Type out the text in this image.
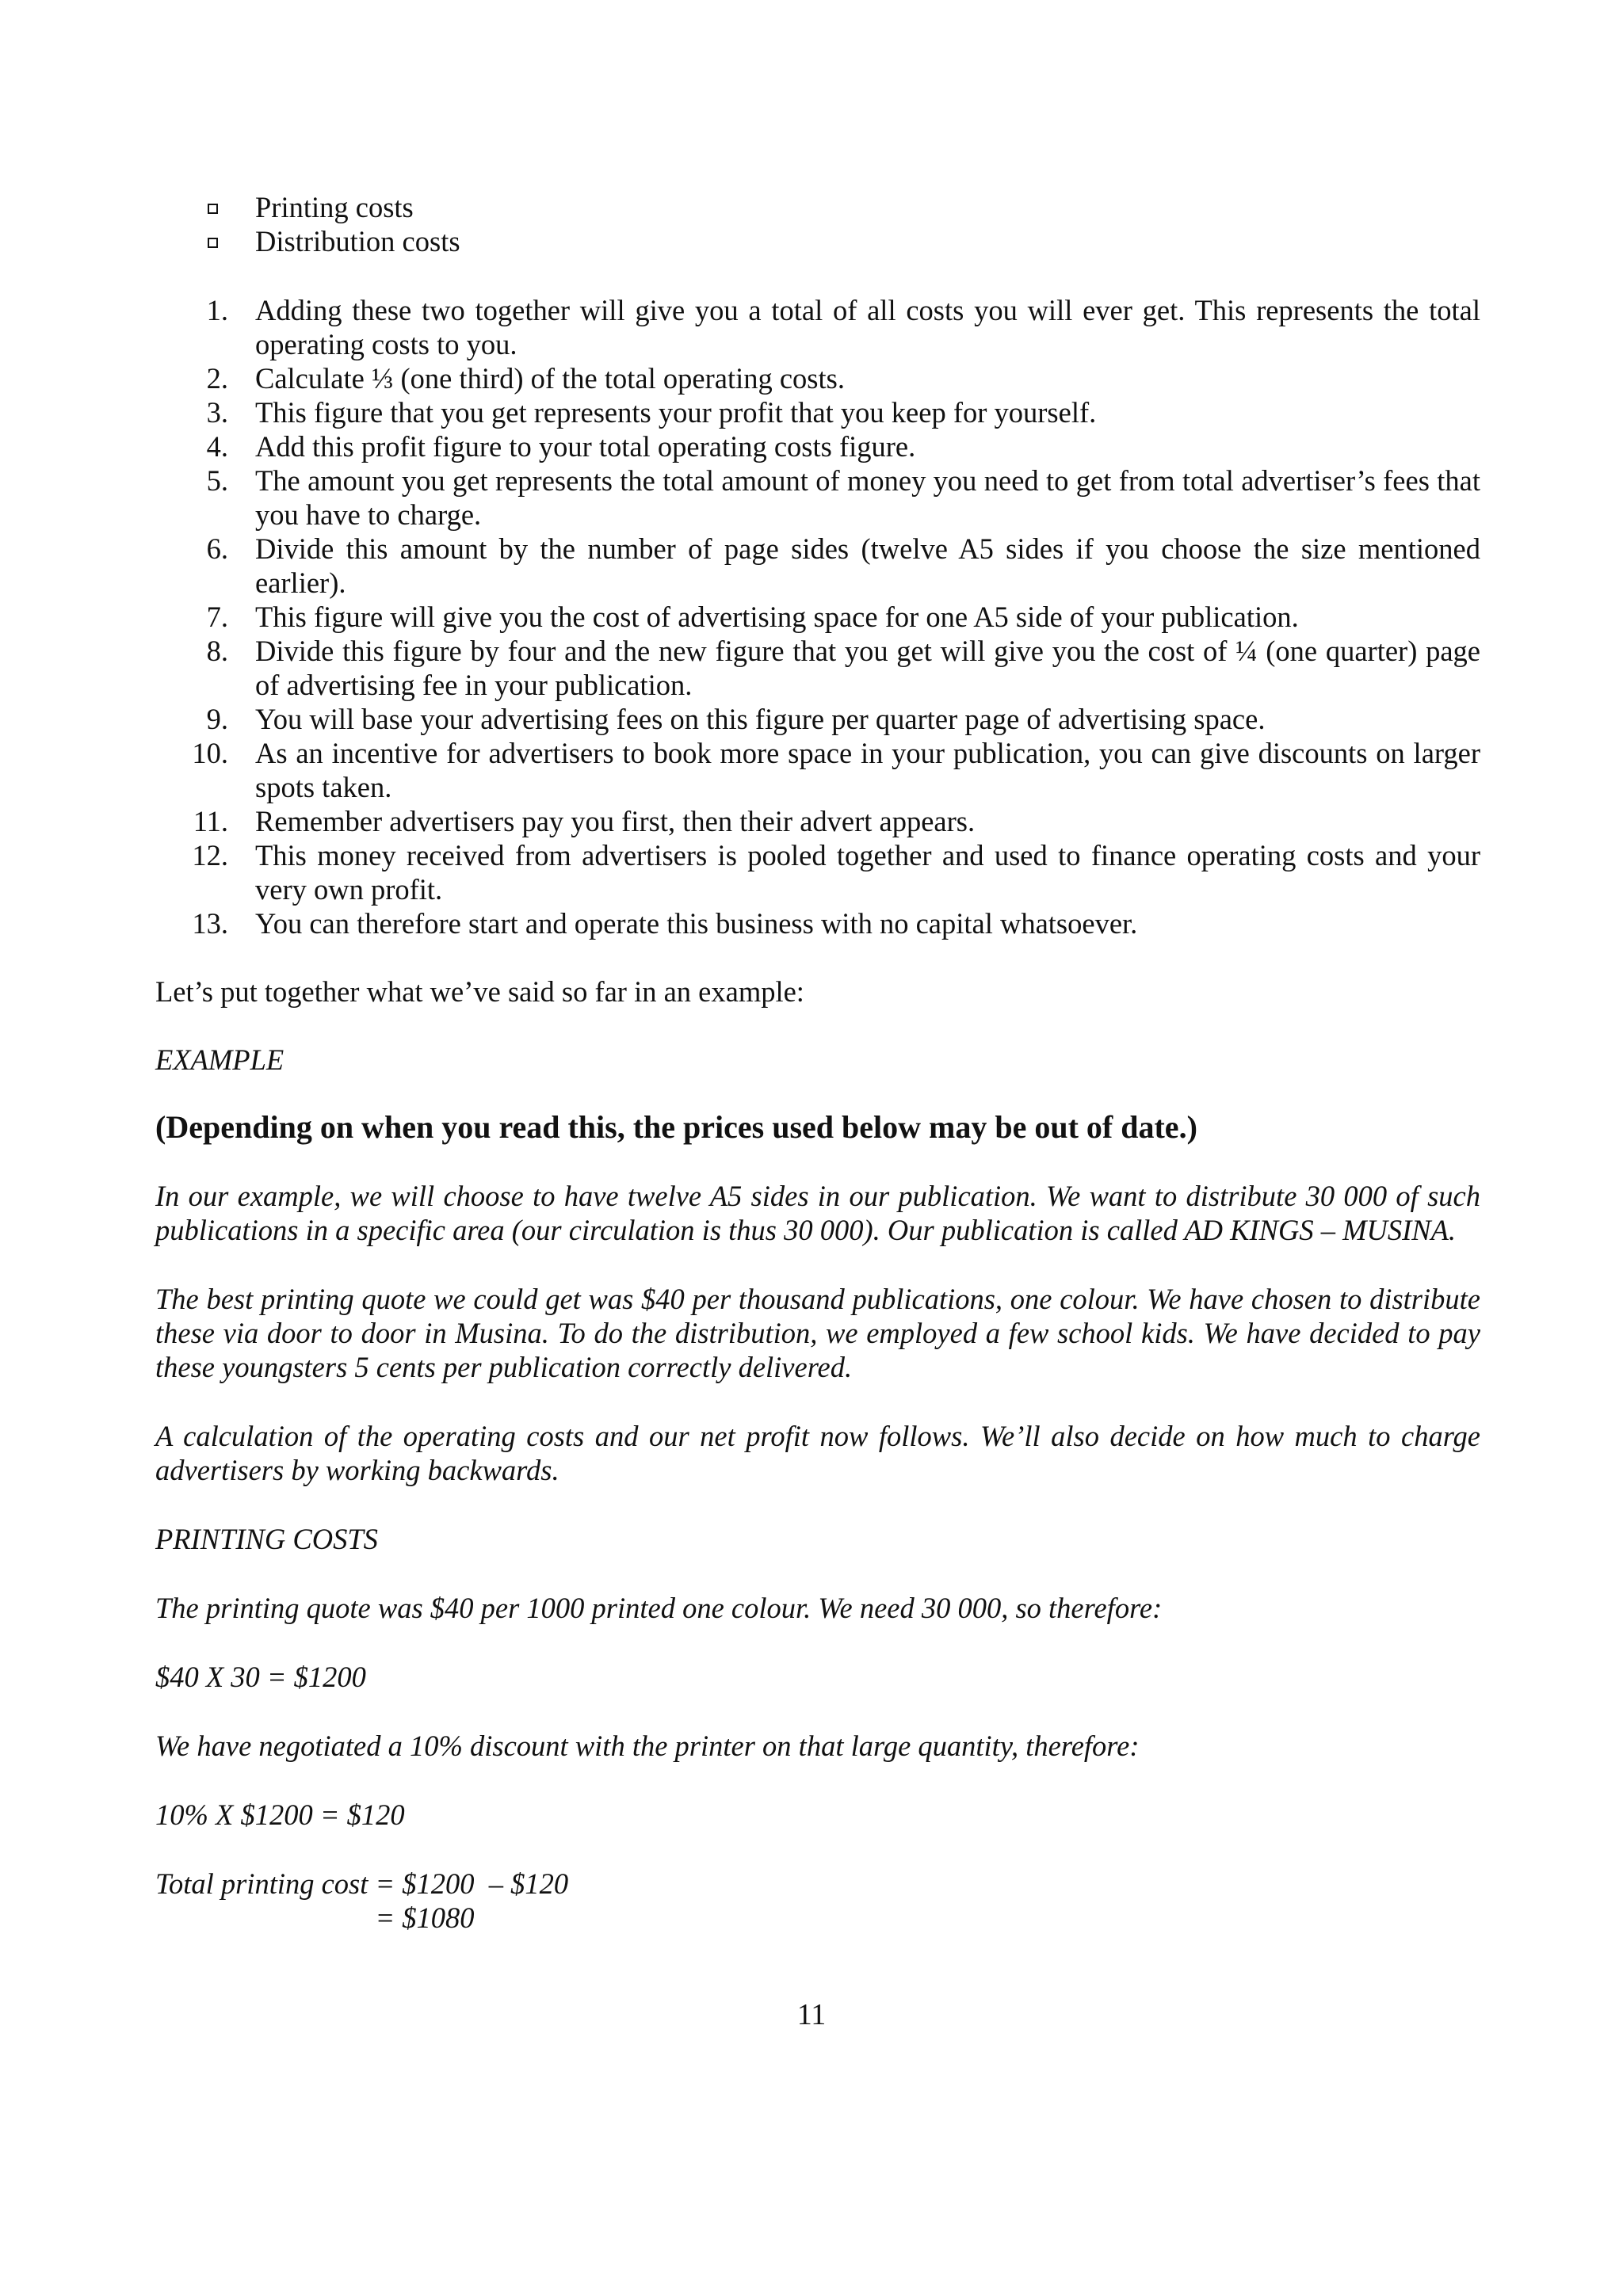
Printing costs
Distribution costs
1. Adding these two together will give you a total of all costs you will ever get. This represents the total operating costs to you.
2. Calculate ⅓ (one third) of the total operating costs.
3. This figure that you get represents your profit that you keep for yourself.
4. Add this profit figure to your total operating costs figure.
5. The amount you get represents the total amount of money you need to get from total advertiser’s fees that you have to charge.
6. Divide this amount by the number of page sides (twelve A5 sides if you choose the size mentioned earlier).
7. This figure will give you the cost of advertising space for one A5 side of your publication.
8. Divide this figure by four and the new figure that you get will give you the cost of ¼ (one quarter) page of advertising fee in your publication.
9. You will base your advertising fees on this figure per quarter page of advertising space.
10. As an incentive for advertisers to book more space in your publication, you can give discounts on larger spots taken.
11. Remember advertisers pay you first, then their advert appears.
12. This money received from advertisers is pooled together and used to finance operating costs and your very own profit.
13. You can therefore start and operate this business with no capital whatsoever.

Let’s put together what we’ve said so far in an example:

EXAMPLE

(Depending on when you read this, the prices used below may be out of date.)

In our example, we will choose to have twelve A5 sides in our publication. We want to distribute 30 000 of such publications in a specific area (our circulation is thus 30 000). Our publication is called AD KINGS – MUSINA.

The best printing quote we could get was $40 per thousand publications, one colour. We have chosen to distribute these via door to door in Musina. To do the distribution, we employed a few school kids. We have decided to pay these youngsters 5 cents per publication correctly delivered.

A calculation of the operating costs and our net profit now follows. We’ll also decide on how much to charge advertisers by working backwards.

PRINTING COSTS

The printing quote was $40 per 1000 printed one colour. We need 30 000, so therefore:

$40 X 30 = $1200

We have negotiated a 10% discount with the printer on that large quantity, therefore:

10% X $1200 = $120

Total printing cost = $1200  – $120
= $1080
11
